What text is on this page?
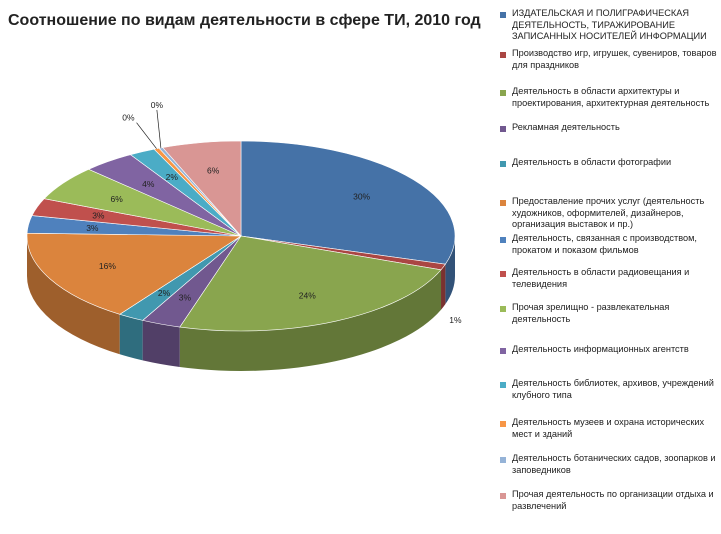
Соотношение по видам деятельности в сфере ТИ, 2010 год
30%
1%
24%
3%
2%
16%
3%
3%
6%
4%
2%
0%
0%
6%
ИЗДАТЕЛЬСКАЯ И ПОЛИГРАФИЧЕСКАЯ ДЕЯТЕЛЬНОСТЬ, ТИРАЖИРОВАНИЕ ЗАПИСАННЫХ НОСИТЕЛЕЙ ИНФОРМАЦИИ
Производство игр, игрушек, сувениров, товаров для праздников
Деятельность в области архитектуры и проектирования, архитектурная деятельность
Рекламная деятельность
Деятельность в области фотографии
Предоставление прочих услуг (деятельность художников, оформителей, дизайнеров, организация выставок и пр.)
Деятельность, связанная с производством, прокатом и показом фильмов
Деятельность в области радиовещания и телевидения
Прочая зрелищно - развлекательная деятельность
Деятельность информационных агентств
Деятельность библиотек, архивов, учреждений клубного типа
Деятельность музеев и охрана исторических мест и зданий
Деятельность ботанических садов, зоопарков и заповедников
Прочая деятельность по организации отдыха и развлечений
